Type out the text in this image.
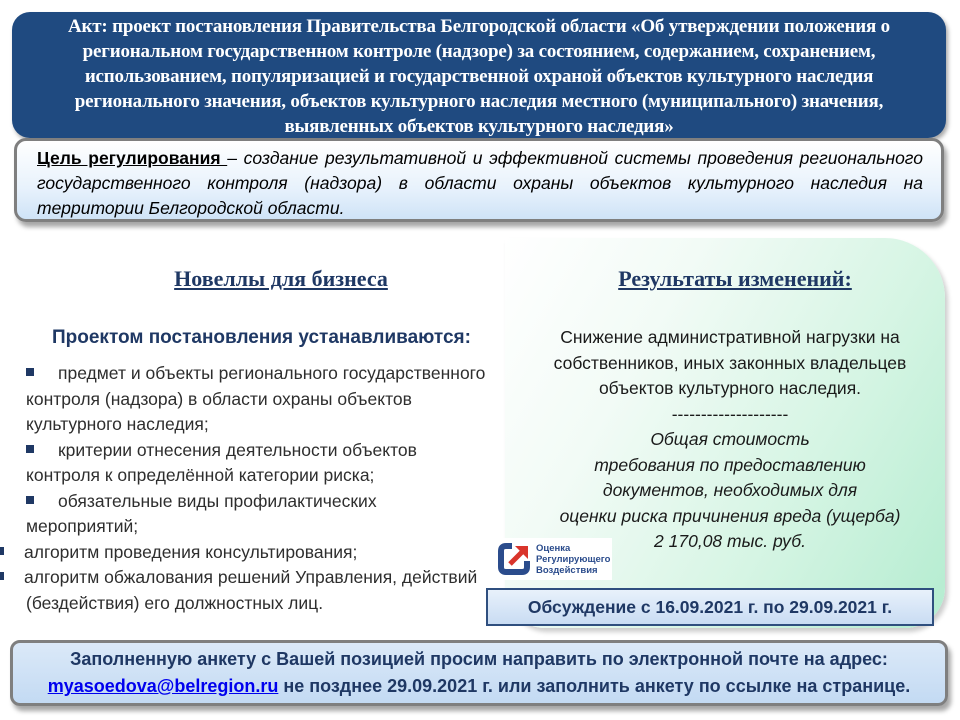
Акт: проект постановления Правительства Белгородской области «Об утверждении положения о региональном государственном контроле (надзоре) за состоянием, содержанием, сохранением, использованием, популяризацией и государственной охраной объектов культурного наследия регионального значения, объектов культурного наследия местного (муниципального) значения, выявленных объектов культурного наследия»
Цель регулирования – создание результативной и эффективной системы проведения регионального государственного контроля (надзора) в области охраны объектов культурного наследия на территории Белгородской области.
Новеллы для бизнеса	Результаты изменений:
Проектом постановления устанавливаются:
предмет и объекты регионального государственного контроля (надзора) в области охраны объектов культурного наследия;
критерии отнесения деятельности объектов контроля к определённой категории риска;
обязательные виды профилактических мероприятий;
алгоритм проведения консультирования;
алгоритм обжалования решений Управления, действий (бездействия) его должностных лиц.
Снижение административной нагрузки на
собственников, иных законных владельцев
объектов культурного наследия.
--------------------
Общая стоимость
требования по предоставлению
документов, необходимых для
оценки риска причинения вреда (ущерба)
2 170,08 тыс. руб.
Оценка
Регулирующего
Воздействия
Обсуждение с 16.09.2021 г. по 29.09.2021 г.
Заполненную анкету с Вашей позицией просим направить по электронной почте на адрес:
myasoedova@belregion.ru не позднее 29.09.2021 г. или заполнить анкету по ссылке на странице.
